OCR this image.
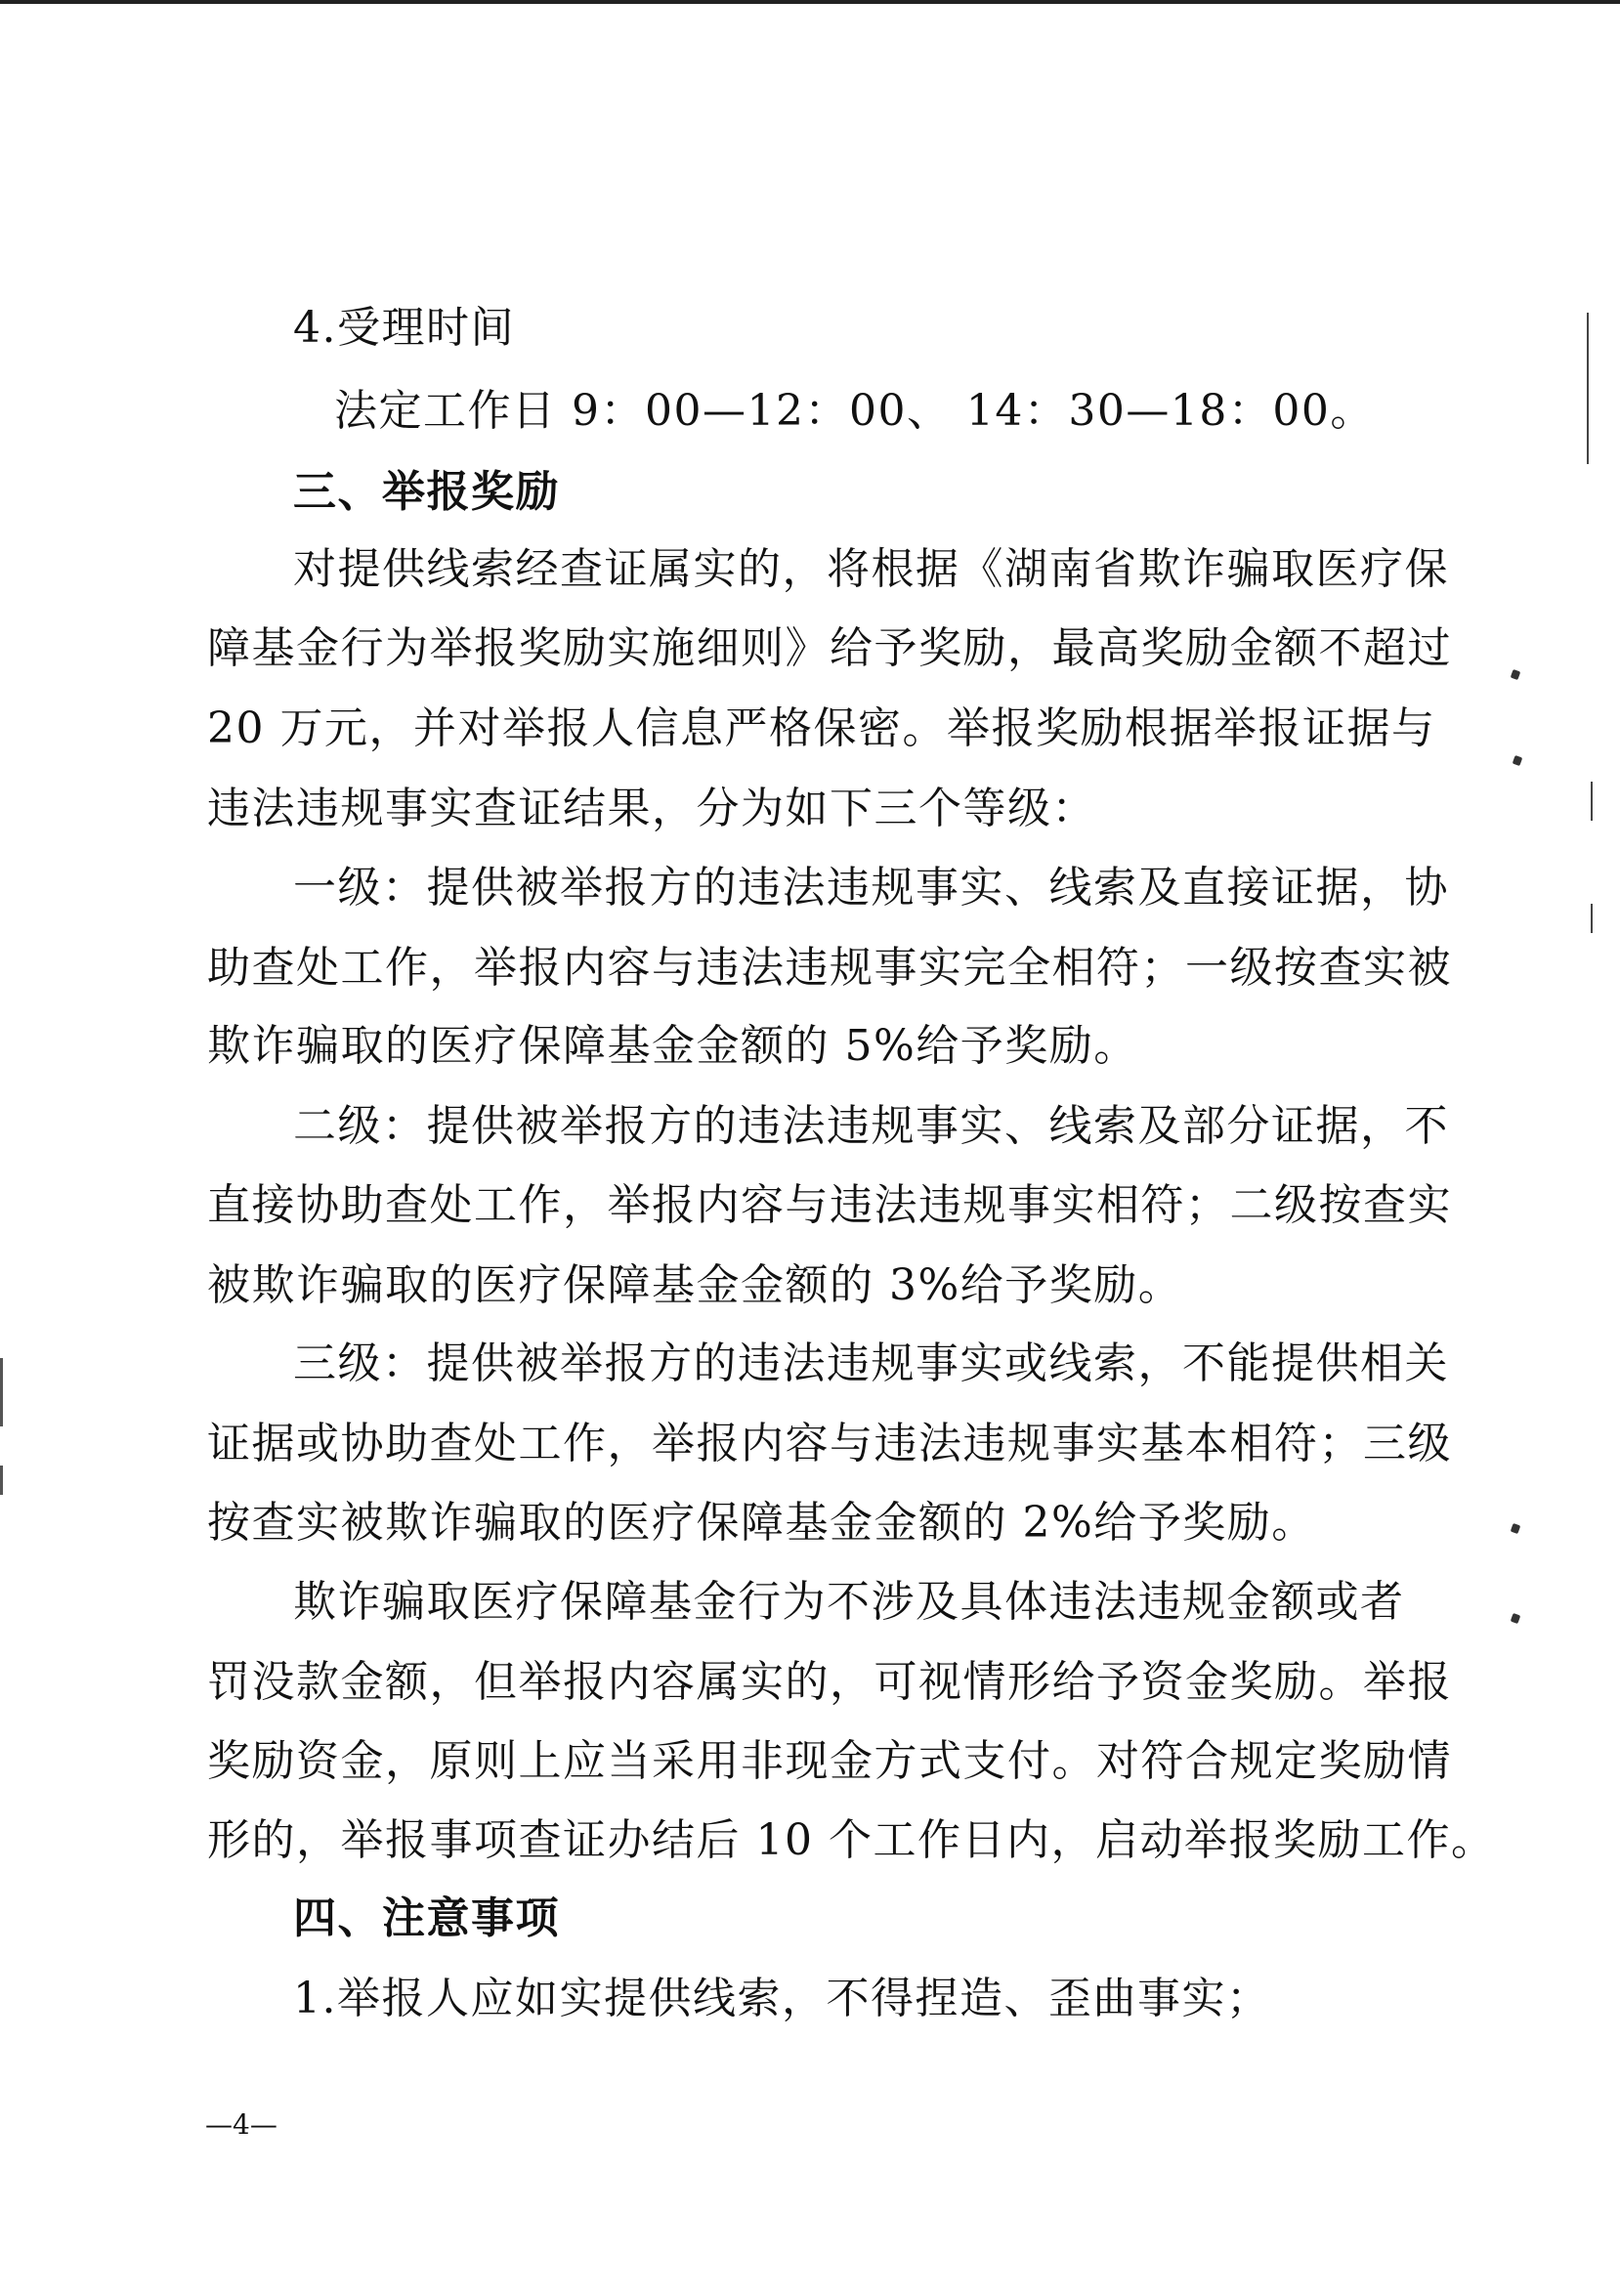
4.受理时间
法定工作日 9：00—12：00、 14：30—18：00。
三、举报奖励
对提供线索经查证属实的，将根据《湖南省欺诈骗取医疗保
障基金行为举报奖励实施细则》给予奖励，最高奖励金额不超过
20 万元，并对举报人信息严格保密。举报奖励根据举报证据与
违法违规事实查证结果，分为如下三个等级：
一级：提供被举报方的违法违规事实、线索及直接证据，协
助查处工作，举报内容与违法违规事实完全相符；一级按查实被
欺诈骗取的医疗保障基金金额的 5%给予奖励。
二级：提供被举报方的违法违规事实、线索及部分证据，不
直接协助查处工作，举报内容与违法违规事实相符；二级按查实
被欺诈骗取的医疗保障基金金额的 3%给予奖励。
三级：提供被举报方的违法违规事实或线索，不能提供相关
证据或协助查处工作，举报内容与违法违规事实基本相符；三级
按查实被欺诈骗取的医疗保障基金金额的 2%给予奖励。
欺诈骗取医疗保障基金行为不涉及具体违法违规金额或者
罚没款金额，但举报内容属实的，可视情形给予资金奖励。举报
奖励资金，原则上应当采用非现金方式支付。对符合规定奖励情
形的，举报事项查证办结后 10 个工作日内，启动举报奖励工作。
四、注意事项
1.举报人应如实提供线索，不得捏造、歪曲事实；
—4—
